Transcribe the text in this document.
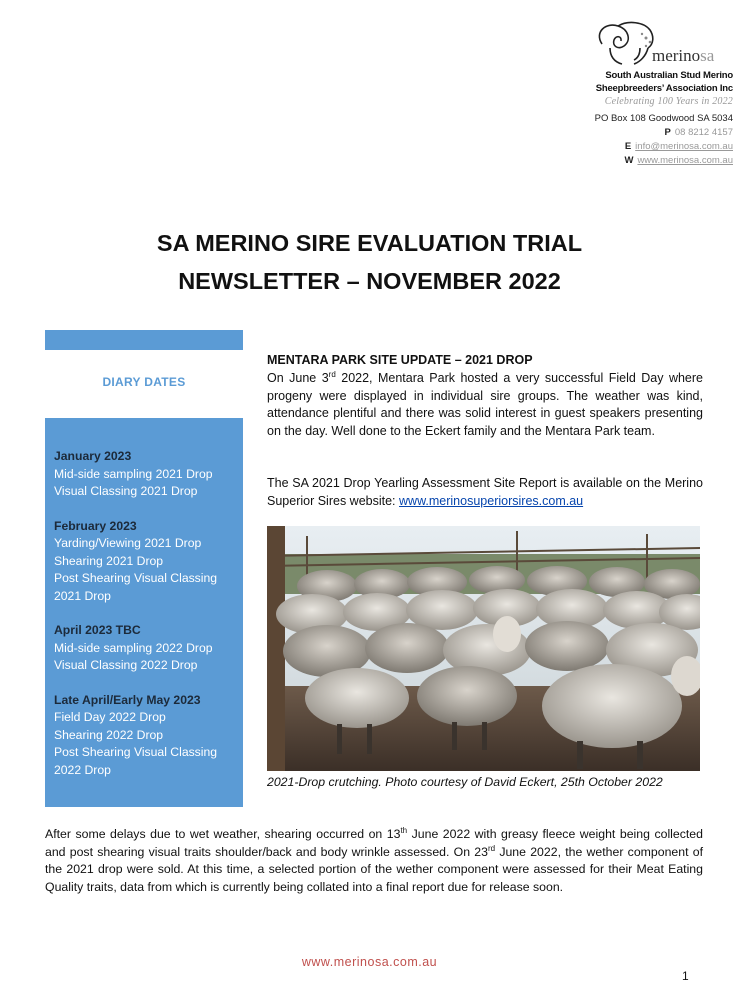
merinosa
South Australian Stud Merino
Sheepbreeders’ Association Inc
Celebrating 100 Years in 2022
PO Box 108 Goodwood SA 5034
P 08 8212 4157
E info@merinosa.com.au
W www.merinosa.com.au
SA MERINO SIRE EVALUATION TRIAL
NEWSLETTER – NOVEMBER 2022
DIARY DATES
January 2023
Mid-side sampling 2021 Drop
Visual Classing 2021 Drop
February 2023
Yarding/Viewing 2021 Drop
Shearing 2021 Drop
Post Shearing Visual Classing
2021 Drop
April 2023 TBC
Mid-side sampling 2022 Drop
Visual Classing 2022 Drop
Late April/Early May 2023
Field Day 2022 Drop
Shearing 2022 Drop
Post Shearing Visual Classing
2022 Drop
MENTARA PARK SITE UPDATE – 2021 DROP
On June 3rd 2022, Mentara Park hosted a very successful Field Day where progeny were displayed in individual sire groups. The weather was kind, attendance plentiful and there was solid interest in guest speakers presenting on the day. Well done to the Eckert family and the Mentara Park team.
The SA 2021 Drop Yearling Assessment Site Report is available on the Merino Superior Sires website: www.merinosuperiorsires.com.au
2021-Drop crutching. Photo courtesy of David Eckert, 25th October 2022
After some delays due to wet weather, shearing occurred on 13th June 2022 with greasy fleece weight being collected and post shearing visual traits shoulder/back and body wrinkle assessed. On 23rd June 2022, the wether component of the 2021 drop were sold. At this time, a selected portion of the wether component were assessed for their Meat Eating Quality traits, data from which is currently being collated into a final report due for release soon.
www.merinosa.com.au
1
